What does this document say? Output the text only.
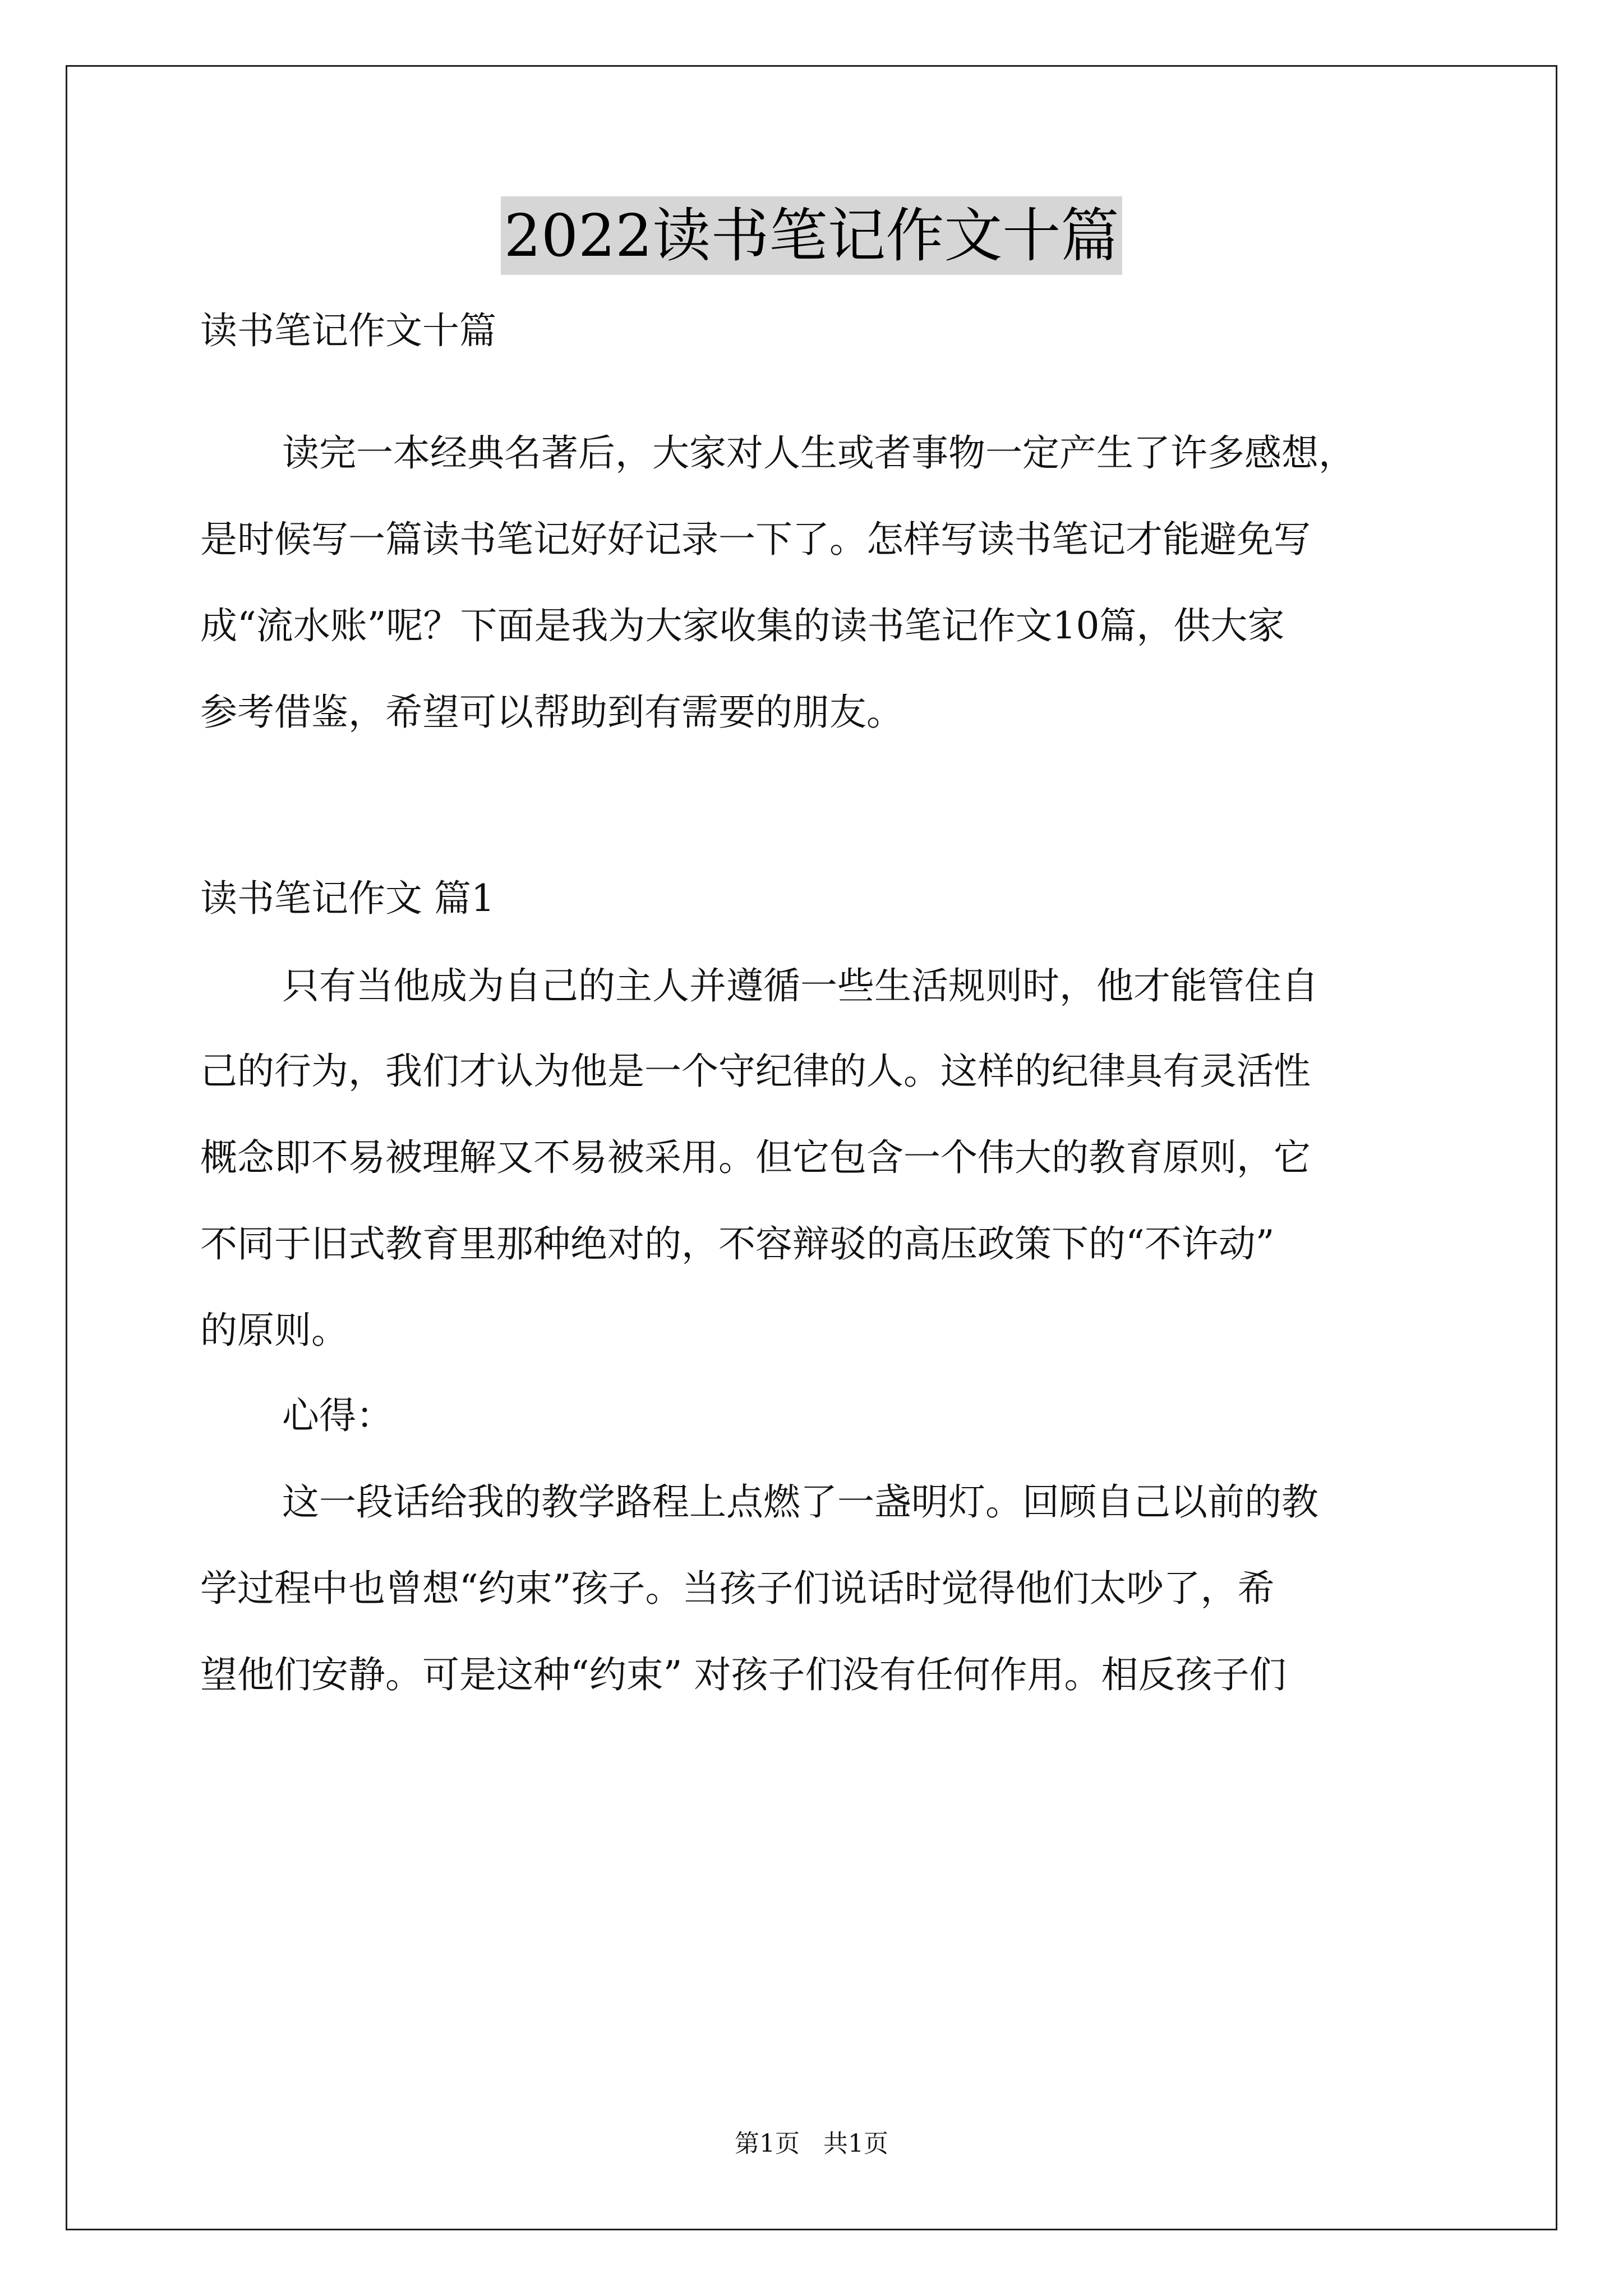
2022读书笔记作文十篇
读书笔记作文十篇
读完一本经典名著后，大家对人生或者事物一定产生了许多感想，
是时候写一篇读书笔记好好记录一下了。怎样写读书笔记才能避免写
成“流水账”呢？下面是我为大家收集的读书笔记作文10篇，供大家
参考借鉴，希望可以帮助到有需要的朋友。
读书笔记作文 篇1
只有当他成为自己的主人并遵循一些生活规则时，他才能管住自
己的行为，我们才认为他是一个守纪律的人。这样的纪律具有灵活性
概念即不易被理解又不易被采用。但它包含一个伟大的教育原则，它
不同于旧式教育里那种绝对的，不容辩驳的高压政策下的“不许动”
的原则。
心得：
这一段话给我的教学路程上点燃了一盏明灯。回顾自己以前的教
学过程中也曾想“约束”孩子。当孩子们说话时觉得他们太吵了，希
望他们安静。可是这种“约束” 对孩子们没有任何作用。相反孩子们
第1页   共1页
